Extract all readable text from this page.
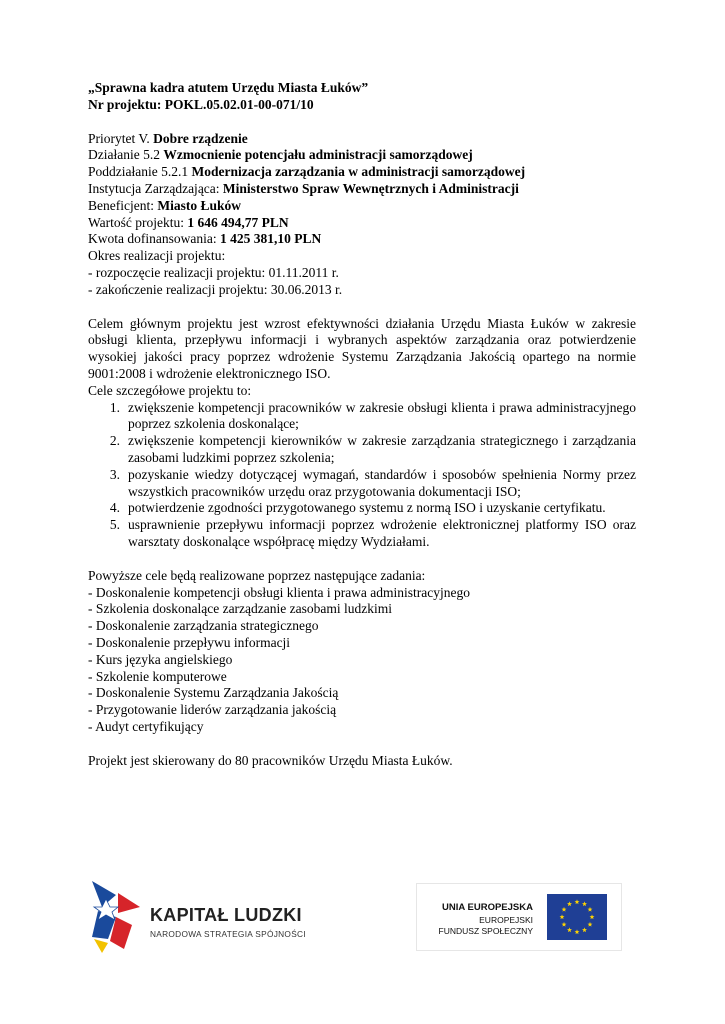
„Sprawna kadra atutem Urzędu Miasta Łuków”

Nr projektu: POKL.05.02.01-00-071/10

Priorytet V. Dobre rządzenie

Działanie 5.2 Wzmocnienie potencjału administracji samorządowej

Poddziałanie 5.2.1 Modernizacja zarządzania w administracji samorządowej

Instytucja Zarządzająca: Ministerstwo Spraw Wewnętrznych i Administracji

Beneficjent: Miasto Łuków

Wartość projektu: 1 646 494,77 PLN

Kwota dofinansowania: 1 425 381,10 PLN

Okres realizacji projektu:

- rozpoczęcie realizacji projektu: 01.11.2011 r.

- zakończenie realizacji projektu: 30.06.2013 r.

Celem głównym projektu jest wzrost efektywności działania Urzędu Miasta Łuków w zakresie obsługi klienta, przepływu informacji i wybranych aspektów zarządzania oraz potwierdzenie wysokiej jakości pracy poprzez wdrożenie Systemu Zarządzania Jakością opartego na normie 9001:2008 i wdrożenie elektronicznego ISO.

Cele szczegółowe projektu to:

1. zwiększenie kompetencji pracowników w zakresie obsługi klienta i prawa administracyjnego poprzez szkolenia doskonalące;
2. zwiększenie kompetencji kierowników w zakresie zarządzania strategicznego i zarządzania zasobami ludzkimi poprzez szkolenia;
3. pozyskanie wiedzy dotyczącej wymagań, standardów i sposobów spełnienia Normy przez wszystkich pracowników urzędu oraz przygotowania dokumentacji ISO;
4. potwierdzenie zgodności przygotowanego systemu z normą ISO i uzyskanie certyfikatu.
5. usprawnienie przepływu informacji poprzez wdrożenie elektronicznej platformy ISO oraz warsztaty doskonalące współpracę między Wydziałami.

Powyższe cele będą realizowane poprzez następujące zadania:

- Doskonalenie kompetencji obsługi klienta i prawa administracyjnego

- Szkolenia doskonalące zarządzanie zasobami ludzkimi

- Doskonalenie zarządzania strategicznego

- Doskonalenie przepływu informacji

- Kurs języka angielskiego

- Szkolenie komputerowe

- Doskonalenie Systemu Zarządzania Jakością

- Przygotowanie liderów zarządzania jakością

- Audyt certyfikujący

Projekt jest skierowany do 80 pracowników Urzędu Miasta Łuków.

KAPITAŁ LUDZKI
NARODOWA STRATEGIA SPÓJNOŚCI
UNIA EUROPEJSKA
EUROPEJSKI
FUNDUSZ SPOŁECZNY
